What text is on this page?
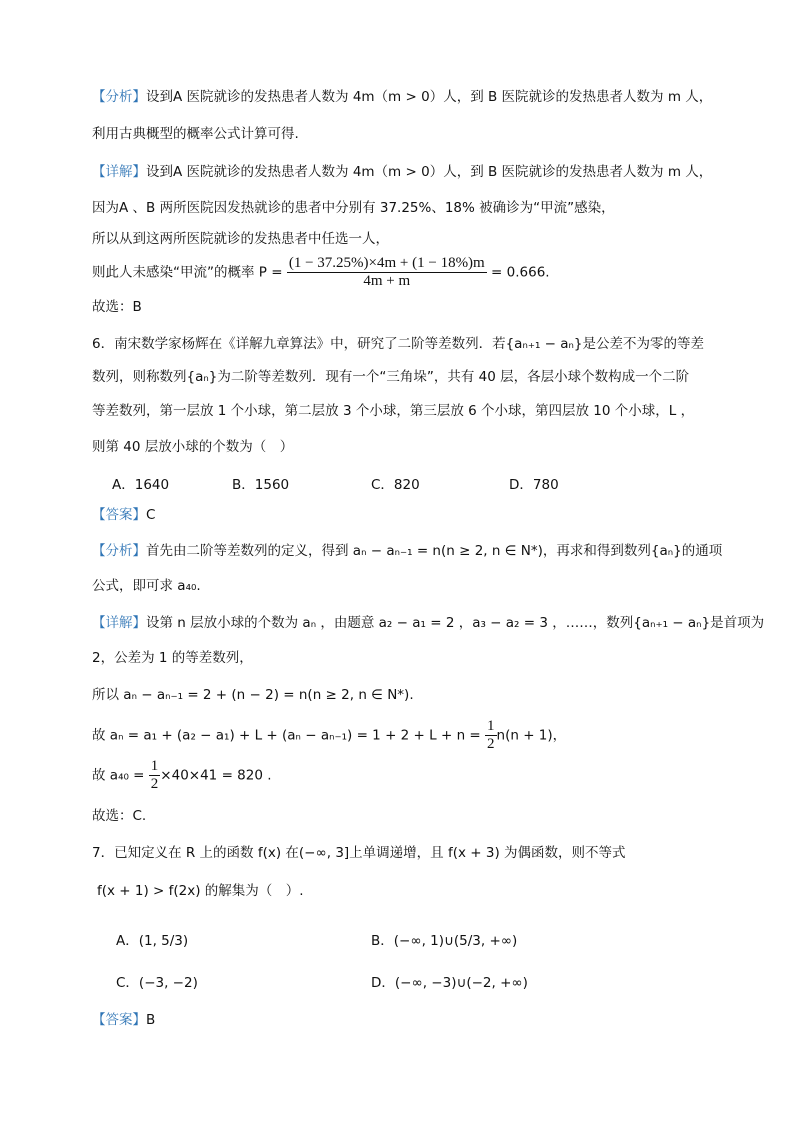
【分析】设到A 医院就诊的发热患者人数为 4m（m > 0）人，到 B 医院就诊的发热患者人数为 m 人，
利用古典概型的概率公式计算可得.
【详解】设到A 医院就诊的发热患者人数为 4m（m > 0）人，到 B 医院就诊的发热患者人数为 m 人，
因为A 、B 两所医院因发热就诊的患者中分别有 37.25%、18% 被确诊为“甲流”感染，
所以从到这两所医院就诊的发热患者中任选一人，
则此人未感染“甲流”的概率 $P = \frac{(1 - 37.25\%)\times 4m + (1 - 18\%)m}{4m + m} = 0.666$.
故选：B
6．南宋数学家杨辉在《详解九章算法》中，研究了二阶等差数列．若{aₙ₊₁ − aₙ}是公差不为零的等差
数列，则称数列{aₙ}为二阶等差数列．现有一个“三角垛”，共有 40 层，各层小球个数构成一个二阶
等差数列，第一层放 1 个小球，第二层放 3 个小球，第三层放 6 个小球，第四层放 10 个小球，L ，
则第 40 层放小球的个数为（　）
A．1640	B．1560	C．820	D．780
【答案】C
【分析】首先由二阶等差数列的定义，得到 aₙ − aₙ₋₁ = n(n ≥ 2, n ∈ N*)，再求和得到数列{aₙ}的通项
公式，即可求 a₄₀.
【详解】设第 n 层放小球的个数为 aₙ ，由题意 a₂ − a₁ = 2 ，a₃ − a₂ = 3 ，……，数列{aₙ₊₁ − aₙ}是首项为
2，公差为 1 的等差数列，
所以 aₙ − aₙ₋₁ = 2 + (n − 2) = n(n ≥ 2, n ∈ N*).
故 $a_n = a_1 + (a_2 - a_1) + L + (a_n - a_{n-1}) = 1 + 2 + L + n = \frac{1}{2} n(n + 1)$，
故 $a_{40} = \frac{1}{2} \times 40\times 41 = 820$ .
故选：C.
7．已知定义在 R 上的函数 f(x) 在(−∞, 3]上单调递增，且 f(x + 3) 为偶函数，则不等式
f(x + 1) > f(2x) 的解集为（　）.
A．(1, 5/3)	B．(−∞, 1)∪(5/3, +∞)
C．(−3, −2)	D．(−∞, −3)∪(−2, +∞)
【答案】B
